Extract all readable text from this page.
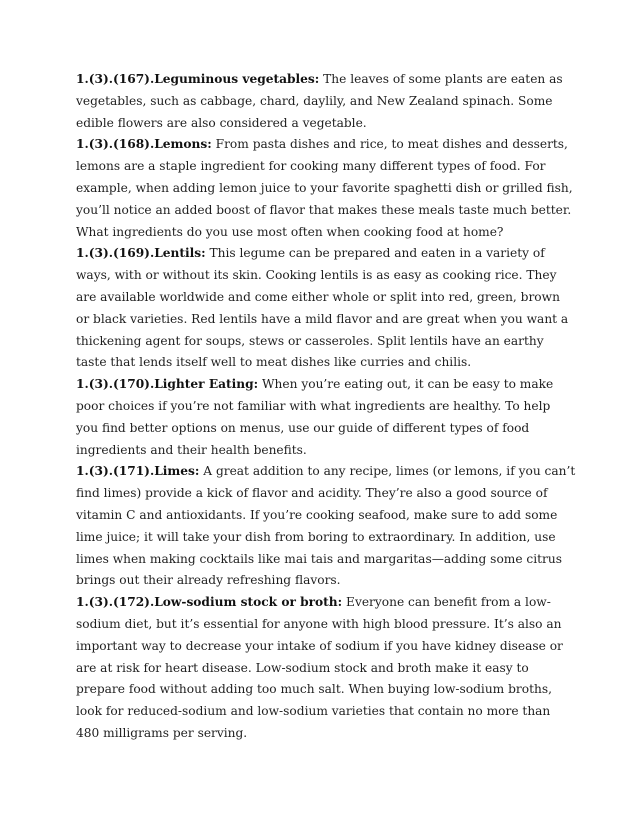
1.(3).(167).Leguminous vegetables: The leaves of some plants are eaten as vegetables, such as cabbage, chard, daylily, and New Zealand spinach. Some edible flowers are also considered a vegetable.

1.(3).(168).Lemons: From pasta dishes and rice, to meat dishes and desserts, lemons are a staple ingredient for cooking many different types of food. For example, when adding lemon juice to your favorite spaghetti dish or grilled fish, you’ll notice an added boost of flavor that makes these meals taste much better. What ingredients do you use most often when cooking food at home?

1.(3).(169).Lentils: This legume can be prepared and eaten in a variety of ways, with or without its skin. Cooking lentils is as easy as cooking rice. They are available worldwide and come either whole or split into red, green, brown or black varieties. Red lentils have a mild flavor and are great when you want a thickening agent for soups, stews or casseroles. Split lentils have an earthy taste that lends itself well to meat dishes like curries and chilis.

1.(3).(170).Lighter Eating: When you’re eating out, it can be easy to make poor choices if you’re not familiar with what ingredients are healthy. To help you find better options on menus, use our guide of different types of food ingredients and their health benefits.

1.(3).(171).Limes: A great addition to any recipe, limes (or lemons, if you can’t find limes) provide a kick of flavor and acidity. They’re also a good source of vitamin C and antioxidants. If you’re cooking seafood, make sure to add some lime juice; it will take your dish from boring to extraordinary. In addition, use limes when making cocktails like mai tais and margaritas—adding some citrus brings out their already refreshing flavors.

1.(3).(172).Low-sodium stock or broth: Everyone can benefit from a low-sodium diet, but it’s essential for anyone with high blood pressure. It’s also an important way to decrease your intake of sodium if you have kidney disease or are at risk for heart disease. Low-sodium stock and broth make it easy to prepare food without adding too much salt. When buying low-sodium broths, look for reduced-sodium and low-sodium varieties that contain no more than 480 milligrams per serving.
